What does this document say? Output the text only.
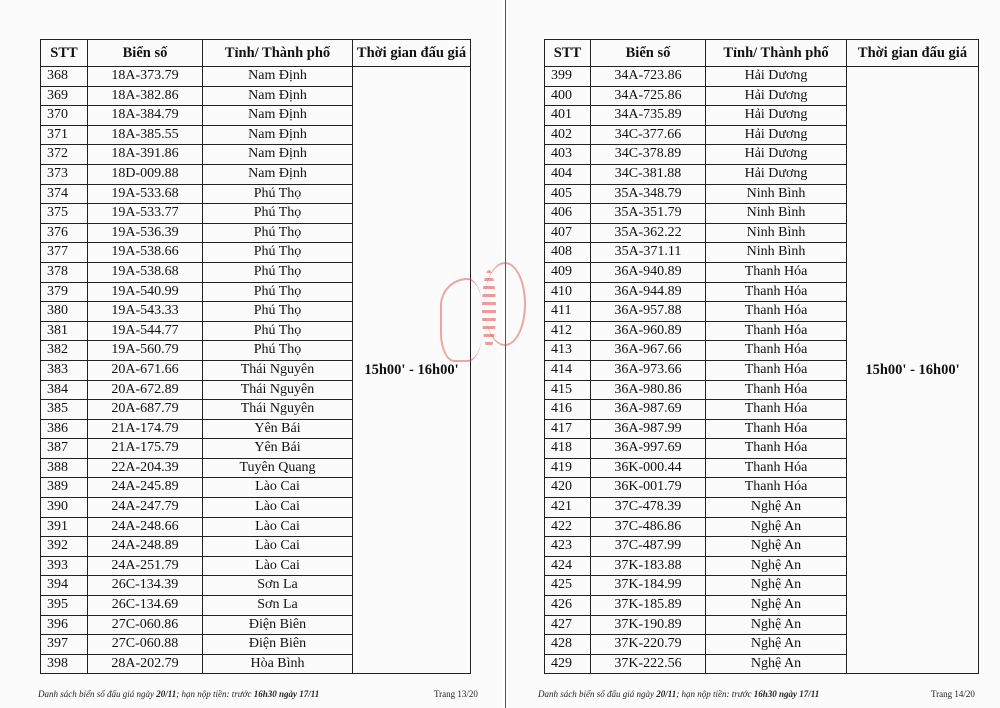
STT	Biển số	Tỉnh/ Thành phố	Thời gian đấu giá
368	18A-373.79	Nam Định	15h00' - 16h00'
369	18A-382.86	Nam Định	
370	18A-384.79	Nam Định	
371	18A-385.55	Nam Định	
372	18A-391.86	Nam Định	
373	18D-009.88	Nam Định	
374	19A-533.68	Phú Thọ	
375	19A-533.77	Phú Thọ	
376	19A-536.39	Phú Thọ	
377	19A-538.66	Phú Thọ	
378	19A-538.68	Phú Thọ	
379	19A-540.99	Phú Thọ	
380	19A-543.33	Phú Thọ	
381	19A-544.77	Phú Thọ	
382	19A-560.79	Phú Thọ	
383	20A-671.66	Thái Nguyên	
384	20A-672.89	Thái Nguyên	
385	20A-687.79	Thái Nguyên	
386	21A-174.79	Yên Bái	
387	21A-175.79	Yên Bái	
388	22A-204.39	Tuyên Quang	
389	24A-245.89	Lào Cai	
390	24A-247.79	Lào Cai	
391	24A-248.66	Lào Cai	
392	24A-248.89	Lào Cai	
393	24A-251.79	Lào Cai	
394	26C-134.39	Sơn La	
395	26C-134.69	Sơn La	
396	27C-060.86	Điện Biên	
397	27C-060.88	Điện Biên	
398	28A-202.79	Hòa Bình	
Danh sách biển số đấu giá ngày 20/11; hạn nộp tiền: trước 16h30 ngày 17/11	Trang 13/20
STT	Biển số	Tỉnh/ Thành phố	Thời gian đấu giá
399	34A-723.86	Hải Dương	15h00' - 16h00'
400	34A-725.86	Hải Dương	
401	34A-735.89	Hải Dương	
402	34C-377.66	Hải Dương	
403	34C-378.89	Hải Dương	
404	34C-381.88	Hải Dương	
405	35A-348.79	Ninh Bình	
406	35A-351.79	Ninh Bình	
407	35A-362.22	Ninh Bình	
408	35A-371.11	Ninh Bình	
409	36A-940.89	Thanh Hóa	
410	36A-944.89	Thanh Hóa	
411	36A-957.88	Thanh Hóa	
412	36A-960.89	Thanh Hóa	
413	36A-967.66	Thanh Hóa	
414	36A-973.66	Thanh Hóa	
415	36A-980.86	Thanh Hóa	
416	36A-987.69	Thanh Hóa	
417	36A-987.99	Thanh Hóa	
418	36A-997.69	Thanh Hóa	
419	36K-000.44	Thanh Hóa	
420	36K-001.79	Thanh Hóa	
421	37C-478.39	Nghệ An	
422	37C-486.86	Nghệ An	
423	37C-487.99	Nghệ An	
424	37K-183.88	Nghệ An	
425	37K-184.99	Nghệ An	
426	37K-185.89	Nghệ An	
427	37K-190.89	Nghệ An	
428	37K-220.79	Nghệ An	
429	37K-222.56	Nghệ An	
Danh sách biển số đấu giá ngày 20/11; hạn nộp tiền: trước 16h30 ngày 17/11	Trang 14/20
